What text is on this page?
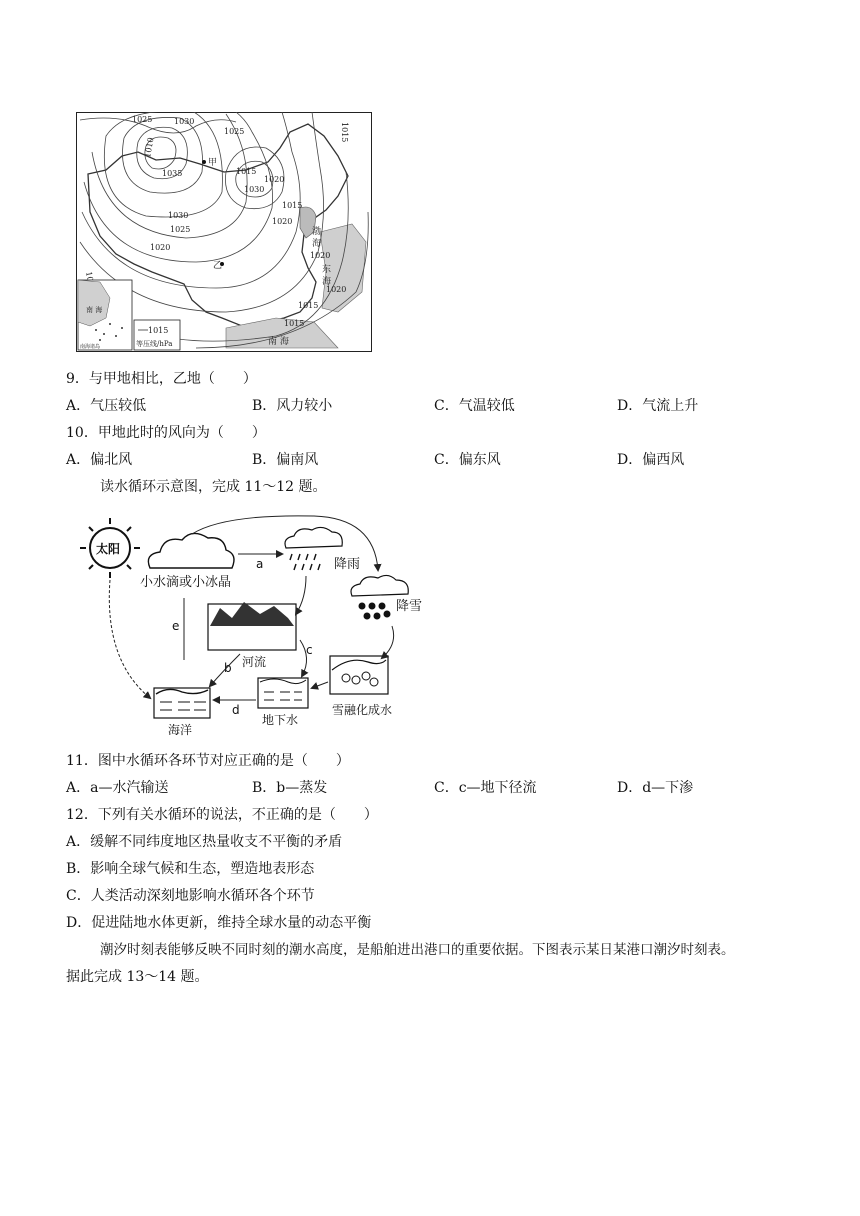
1025	1030
1025
1010
1015
1035
1030
1025
1020
1030
1020
1020
1015
1015
1020
1015
1015
1020
甲
乙
渤
海
东
海
南 海
南 海
南海诸岛
1015
等压线/hPa
9．与甲地相比，乙地（　　）
A．气压较低	B．风力较小	C．气温较低	D．气流上升
10．甲地此时的风向为（　　）
A．偏北风	B．偏南风	C．偏东风	D．偏西风
读水循环示意图，完成 11～12 题。
太阳
小水滴或小冰晶
降雨
降雪
河流
地下水
海洋
雪融化成水
a
e
b
c
d
11．图中水循环各环节对应正确的是（　　）
A．a—水汽输送	B．b—蒸发	C．c—地下径流	D．d—下渗
12．下列有关水循环的说法，不正确的是（　　）
A．缓解不同纬度地区热量收支不平衡的矛盾
B．影响全球气候和生态，塑造地表形态
C．人类活动深刻地影响水循环各个环节
D．促进陆地水体更新，维持全球水量的动态平衡
潮汐时刻表能够反映不同时刻的潮水高度，是船舶进出港口的重要依据。下图表示某日某港口潮汐时刻表。
据此完成 13～14 题。
